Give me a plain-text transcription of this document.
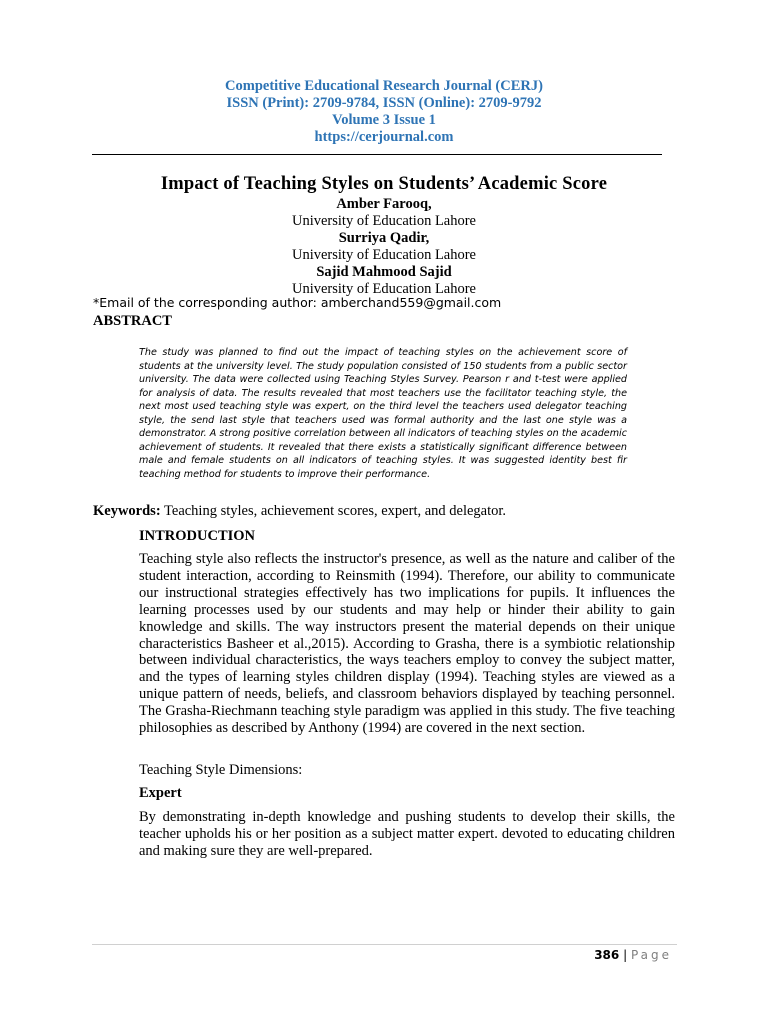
Competitive Educational Research Journal (CERJ)
ISSN (Print): 2709-9784, ISSN (Online): 2709-9792
Volume 3 Issue 1
https://cerjournal.com
Impact of Teaching Styles on Students’ Academic Score
Amber Farooq,
University of Education Lahore
Surriya Qadir,
University of Education Lahore
Sajid Mahmood Sajid
University of Education Lahore
*Email of the corresponding author: amberchand559@gmail.com
ABSTRACT

The study was planned to find out the impact of teaching styles on the achievement score of students at the university level. The study population consisted of 150 students from a public sector university. The data were collected using Teaching Styles Survey. Pearson r and t-test were applied for analysis of data. The results revealed that most teachers use the facilitator teaching style, the next most used teaching style was expert, on the third level the teachers used delegator teaching style, the send last style that teachers used was formal authority and the last one style was a demonstrator. A strong positive correlation between all indicators of teaching styles on the academic achievement of students. It revealed that there exists a statistically significant difference between male and female students on all indicators of teaching styles. It was suggested identity best fir teaching method for students to improve their performance.

Keywords: Teaching styles, achievement scores, expert, and delegator.
INTRODUCTION

Teaching style also reflects the instructor's presence, as well as the nature and caliber of the student interaction, according to Reinsmith (1994). Therefore, our ability to communicate our instructional strategies effectively has two implications for pupils. It influences the learning processes used by our students and may help or hinder their ability to gain knowledge and skills. The way instructors present the material depends on their unique characteristics Basheer et al.,2015). According to Grasha, there is a symbiotic relationship between individual characteristics, the ways teachers employ to convey the subject matter, and the types of learning styles children display (1994). Teaching styles are viewed as a unique pattern of needs, beliefs, and classroom behaviors displayed by teaching personnel. The Grasha-Riechmann teaching style paradigm was applied in this study. The five teaching philosophies as described by Anthony (1994) are covered in the next section.

Teaching Style Dimensions:

Expert

By demonstrating in-depth knowledge and pushing students to develop their skills, the teacher upholds his or her position as a subject matter expert. devoted to educating children and making sure they are well-prepared.

386 | Page
